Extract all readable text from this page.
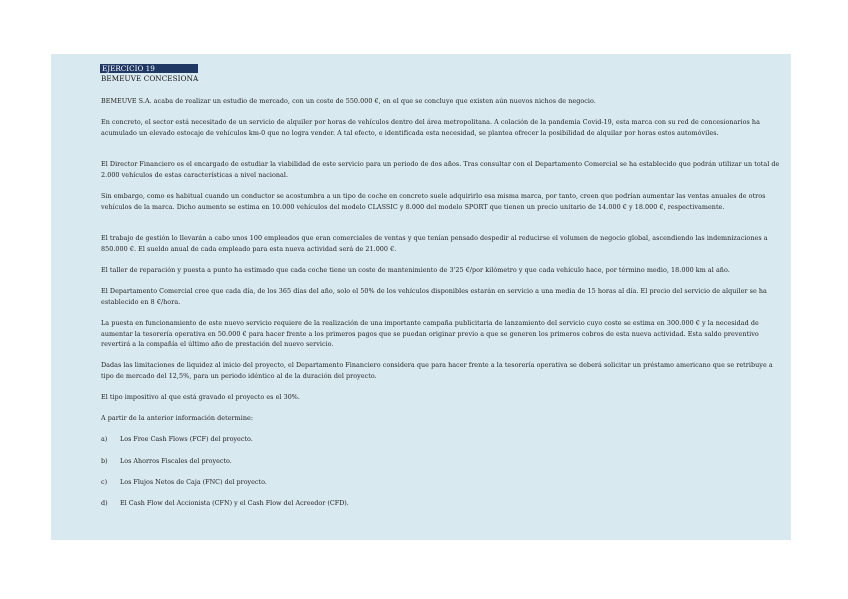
EJERCICIO 19
BEMEUVE CONCESIONA
BEMEUVE S.A. acaba de realizar un estudio de mercado, con un coste de 550.000 €, en el que se concluye que existen aún nuevos nichos de negocio.
En concreto, el sector está necesitado de un servicio de alquiler por horas de vehículos dentro del área metropolitana. A colación de la pandemia Covid-19, esta marca con su red de concesionarios ha acumulado un elevado estocaje de vehículos km-0 que no logra vender. A tal efecto, e identificada esta necesidad, se plantea ofrecer la posibilidad de alquilar por horas estos automóviles.
El Director Financiero es el encargado de estudiar la viabilidad de este servicio para un periodo de dos años. Tras consultar con el Departamento Comercial se ha establecido que podrán utilizar un total de 2.000 vehículos de estas características a nivel nacional.
Sin embargo, como es habitual cuando un conductor se acostumbra a un tipo de coche en concreto suele adquirirlo esa misma marca, por tanto, creen que podrían aumentar las ventas anuales de otros vehículos de la marca. Dicho aumento se estima en 10.000 vehículos del modelo CLASSIC y 8.000 del modelo SPORT que tienen un precio unitario de 14.000 € y 18.000 €, respectivamente.
El trabajo de gestión lo llevarán a cabo unos 100 empleados que eran comerciales de ventas y que tenían pensado despedir al reducirse el volumen de negocio global, ascendiendo las indemnizaciones a 850.000 €. El sueldo anual de cada empleado para esta nueva actividad será de 21.000 €.
El taller de reparación y puesta a punto ha estimado que cada coche tiene un coste de mantenimiento de 3'25 €/por kilómetro y que cada vehículo hace, por término medio, 18.000 km al año.
El Departamento Comercial cree que cada día, de los 365 días del año, solo el 50% de los vehículos disponibles estarán en servicio a una media de 15 horas al día. El precio del servicio de alquiler se ha establecido en 8 €/hora.
La puesta en funcionamiento de este nuevo servicio requiere de la realización de una importante campaña publicitaria de lanzamiento del servicio cuyo coste se estima en 300.000 € y la necesidad de aumentar la tesorería operativa en 50.000 € para hacer frente a los primeros pagos que se puedan originar previo a que se generen los primeros cobros de esta nueva actividad. Esta saldo preventivo revertirá a la compañía el último año de prestación del nuevo servicio.
Dadas las limitaciones de liquidez al inicio del proyecto, el Departamento Financiero considera que para hacer frente a la tesorería operativa se deberá solicitar un préstamo americano que se retribuye a tipo de mercado del 12,5%, para un periodo idéntico al de la duración del proyecto.
El tipo impositivo al que está gravado el proyecto es el 30%.
A partir de la anterior información determine:
a) Los Free Cash Flows (FCF) del proyecto.
b) Los Ahorros Fiscales del proyecto.
c) Los Flujos Netos de Caja (FNC) del proyecto.
d) El Cash Flow del Accionista (CFN) y el Cash Flow del Acreedor (CFD).
